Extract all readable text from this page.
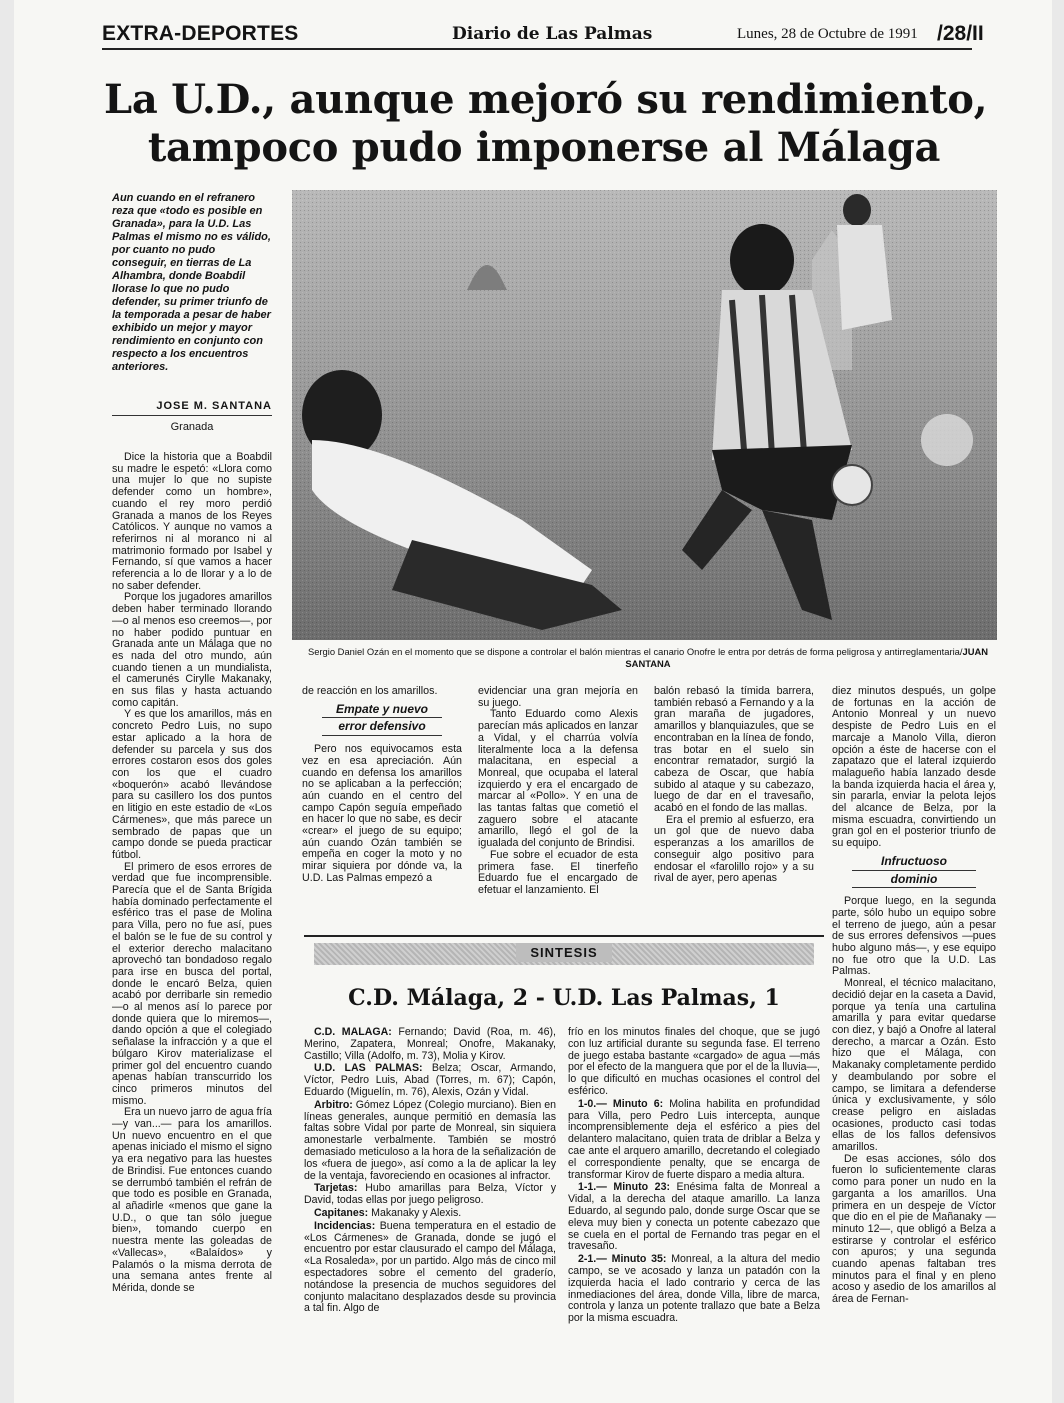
EXTRA-DEPORTES	Diario de Las Palmas	Lunes, 28 de Octubre de 1991 /28/II
La U.D., aunque mejoró su rendimiento,
tampoco pudo imponerse al Málaga
Aun cuando en el refranero reza que «todo es posible en Granada», para la U.D. Las Palmas el mismo no es válido, por cuanto no pudo conseguir, en tierras de La Alhambra, donde Boabdil llorase lo que no pudo defender, su primer triunfo de la temporada a pesar de haber exhibido un mejor y mayor rendimiento en conjunto con respecto a los encuentros anteriores.
JOSE M. SANTANA
Granada

Dice la historia que a Boabdil su madre le espetó: «Llora como una mujer lo que no supiste defender como un hombre», cuando el rey moro perdió Granada a manos de los Reyes Católicos. Y aunque no vamos a referirnos ni al moranco ni al matrimonio formado por Isabel y Fernando, sí que vamos a hacer referencia a lo de llorar y a lo de no saber defender.

Porque los jugadores amarillos deben haber terminado llorando —o al menos eso creemos—, por no haber podido puntuar en Granada ante un Málaga que no es nada del otro mundo, aún cuando tienen a un mundialista, el camerunés Cirylle Makanaky, en sus filas y hasta actuando como capitán.

Y es que los amarillos, más en concreto Pedro Luis, no supo estar aplicado a la hora de defender su parcela y sus dos errores costaron esos dos goles con los que el cuadro «boquerón» acabó llevándose para su casillero los dos puntos en litigio en este estadio de «Los Cármenes», que más parece un sembrado de papas que un campo donde se pueda practicar fútbol.

El primero de esos errores de verdad que fue incomprensible. Parecía que el de Santa Brígida había dominado perfectamente el esférico tras el pase de Molina para Villa, pero no fue así, pues el balón se le fue de su control y el exterior derecho malacitano aprovechó tan bondadoso regalo para irse en busca del portal, donde le encaró Belza, quien acabó por derribarle sin remedio —o al menos así lo parece por donde quiera que lo miremos—, dando opción a que el colegiado señalase la infracción y a que el búlgaro Kirov materializase el primer gol del encuentro cuando apenas habían transcurrido los cinco primeros minutos del mismo.

Era un nuevo jarro de agua fría —y van...— para los amarillos. Un nuevo encuentro en el que apenas iniciado el mismo el signo ya era negativo para las huestes de Brindisi. Fue entonces cuando se derrumbó también el refrán de que todo es posible en Granada, al añadirle «menos que gane la U.D., o que tan sólo juegue bien», tomando cuerpo en nuestra mente las goleadas de «Vallecas», «Balaídos» y Palamós o la misma derrota de una semana antes frente al Mérida, donde se

Sergio Daniel Ozán en el momento que se dispone a controlar el balón mientras el canario Onofre le entra por detrás de forma peligrosa y antirreglamentaria/JUAN SANTANA

de reacción en los amarillos.

Empate y nuevo
error defensivo

Pero nos equivocamos esta vez en esa apreciación. Aún cuando en defensa los amarillos no se aplicaban a la perfección; aún cuando en el centro del campo Capón seguía empeñado en hacer lo que no sabe, es decir «crear» el juego de su equipo; aún cuando Ozán también se empeña en coger la moto y no mirar siquiera por dónde va, la U.D. Las Palmas empezó a

evidenciar una gran mejoría en su juego.

Tanto Eduardo como Alexis parecían más aplicados en lanzar a Vidal, y el charrúa volvía literalmente loca a la defensa malacitana, en especial a Monreal, que ocupaba el lateral izquierdo y era el encargado de marcar al «Pollo». Y en una de las tantas faltas que cometió el zaguero sobre el atacante amarillo, llegó el gol de la igualada del conjunto de Brindisi.

Fue sobre el ecuador de esta primera fase. El tinerfeño Eduardo fue el encargado de efetuar el lanzamiento. El

balón rebasó la tímida barrera, también rebasó a Fernando y a la gran maraña de jugadores, amarillos y blanquiazules, que se encontraban en la línea de fondo, tras botar en el suelo sin encontrar rematador, surgió la cabeza de Oscar, que había subido al ataque y su cabezazo, luego de dar en el travesaño, acabó en el fondo de las mallas.

Era el premio al esfuerzo, era un gol que de nuevo daba esperanzas a los amarillos de conseguir algo positivo para endosar el «farolillo rojo» y a su rival de ayer, pero apenas

diez minutos después, un golpe de fortunas en la acción de Antonio Monreal y un nuevo despiste de Pedro Luis en el marcaje a Manolo Villa, dieron opción a éste de hacerse con el zapatazo que el lateral izquierdo malagueño había lanzado desde la banda izquierda hacia el área y, sin pararla, enviar la pelota lejos del alcance de Belza, por la misma escuadra, convirtiendo un gran gol en el posterior triunfo de su equipo.

Infructuoso
dominio

Porque luego, en la segunda parte, sólo hubo un equipo sobre el terreno de juego, aún a pesar de sus errores defensivos —pues hubo alguno más—, y ese equipo no fue otro que la U.D. Las Palmas.

Monreal, el técnico malacitano, decidió dejar en la caseta a David, porque ya tenía una cartulina amarilla y para evitar quedarse con diez, y bajó a Onofre al lateral derecho, a marcar a Ozán. Esto hizo que el Málaga, con Makanaky completamente perdido y deambulando por sobre el campo, se limitara a defenderse única y exclusivamente, y sólo crease peligro en aisladas ocasiones, producto casi todas ellas de los fallos defensivos amarillos.

De esas acciones, sólo dos fueron lo suficientemente claras como para poner un nudo en la garganta a los amarillos. Una primera en un despeje de Víctor que dio en el pie de Mañanaky —minuto 12—, que obligó a Belza a estirarse y controlar el esférico con apuros; y una segunda cuando apenas faltaban tres minutos para el final y en pleno acoso y asedio de los amarillos al área de Fernan-

SINTESIS
C.D. Málaga, 2 - U.D. Las Palmas, 1

C.D. MALAGA: Fernando; David (Roa, m. 46), Merino, Zapatera, Monreal; Onofre, Makanaky, Castillo; Villa (Adolfo, m. 73), Molia y Kirov.

U.D. LAS PALMAS: Belza; Oscar, Armando, Víctor, Pedro Luis, Abad (Torres, m. 67); Capón, Eduardo (Miguelín, m. 76), Alexis, Ozán y Vidal.

Arbitro: Gómez López (Colegio murciano). Bien en líneas generales, aunque permitió en demasía las faltas sobre Vidal por parte de Monreal, sin siquiera amonestarle verbalmente. También se mostró demasiado meticuloso a la hora de la señalización de los «fuera de juego», así como a la de aplicar la ley de la ventaja, favoreciendo en ocasiones al infractor.

Tarjetas: Hubo amarillas para Belza, Víctor y David, todas ellas por juego peligroso.

Capitanes: Makanaky y Alexis.

Incidencias: Buena temperatura en el estadio de «Los Cármenes» de Granada, donde se jugó el encuentro por estar clausurado el campo del Málaga, «La Rosaleda», por un partido. Algo más de cinco mil espectadores sobre el cemento del graderío, notándose la presencia de muchos seguidores del conjunto malacitano desplazados desde su provincia a tal fin. Algo de

frío en los minutos finales del choque, que se jugó con luz artificial durante su segunda fase. El terreno de juego estaba bastante «cargado» de agua —más por el efecto de la manguera que por el de la lluvia—, lo que dificultó en muchas ocasiones el control del esférico.

1-0.— Minuto 6: Molina habilita en profundidad para Villa, pero Pedro Luis intercepta, aunque incomprensiblemente deja el esférico a pies del delantero malacitano, quien trata de driblar a Belza y cae ante el arquero amarillo, decretando el colegiado el correspondiente penalty, que se encarga de transformar Kirov de fuerte disparo a media altura.

1-1.— Minuto 23: Enésima falta de Monreal a Vidal, a la derecha del ataque amarillo. La lanza Eduardo, al segundo palo, donde surge Oscar que se eleva muy bien y conecta un potente cabezazo que se cuela en el portal de Fernando tras pegar en el travesaño.

2-1.— Minuto 35: Monreal, a la altura del medio campo, se ve acosado y lanza un patadón con la izquierda hacia el lado contrario y cerca de las inmediaciones del área, donde Villa, libre de marca, controla y lanza un potente trallazo que bate a Belza por la misma escuadra.
